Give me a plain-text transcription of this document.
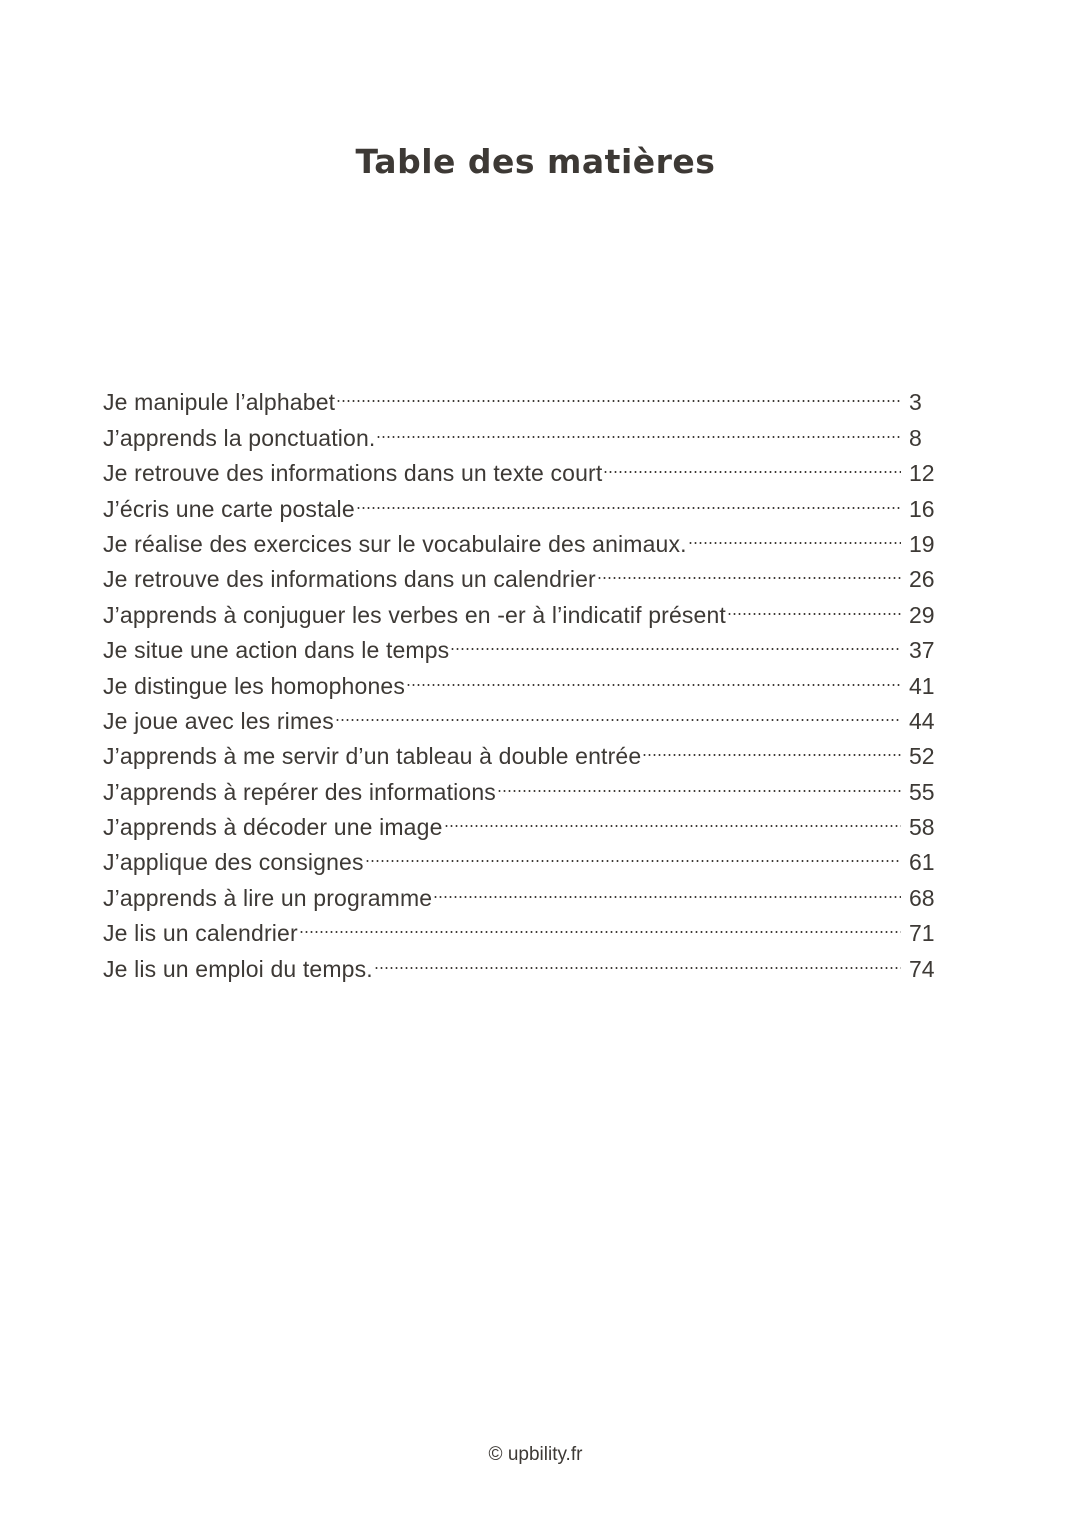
Table des matières
Je manipule l’alphabet	3
J’apprends la ponctuation.	8
Je retrouve des informations dans un texte court	12
J’écris une carte postale	16
Je réalise des exercices sur le vocabulaire des animaux.	19
Je retrouve des informations dans un calendrier	26
J’apprends à conjuguer les verbes en -er à l’indicatif présent	29
Je situe une action dans le temps	37
Je distingue les homophones	41
Je joue avec les rimes	44
J’apprends à me servir d’un tableau à double entrée	52
J’apprends à repérer des informations	55
J’apprends à décoder une image	58
J’applique des consignes	61
J’apprends à lire un programme	68
Je lis un calendrier	71
Je lis un emploi du temps.	74
© upbility.fr
